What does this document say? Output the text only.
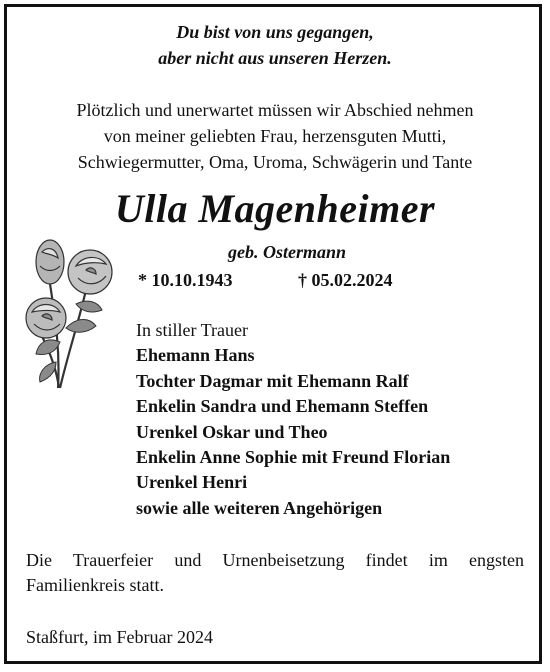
Du bist von uns gegangen,
aber nicht aus unseren Herzen.
Plötzlich und unerwartet müssen wir Abschied nehmen
von meiner geliebten Frau, herzensguten Mutti,
Schwiegermutter, Oma, Uroma, Schwägerin und Tante
Ulla Magenheimer
geb. Ostermann
* 10.10.1943	† 05.02.2024
In stiller Trauer
Ehemann Hans
Tochter Dagmar mit Ehemann Ralf
Enkelin Sandra und Ehemann Steffen
Urenkel Oskar und Theo
Enkelin Anne Sophie mit Freund Florian
Urenkel Henri
sowie alle weiteren Angehörigen
Die Trauerfeier und Urnenbeisetzung findet im engsten
Familienkreis statt.
Staßfurt, im Februar 2024
